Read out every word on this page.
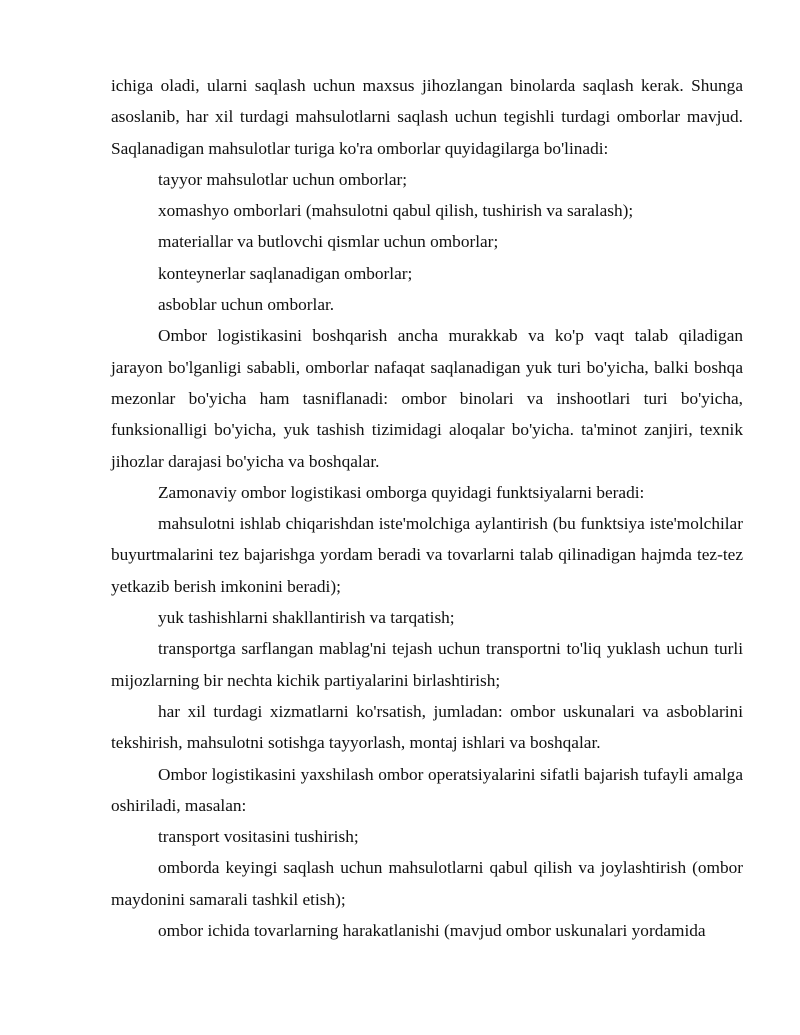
ichiga oladi, ularni saqlash uchun maxsus jihozlangan binolarda saqlash kerak. Shunga asoslanib, har xil turdagi mahsulotlarni saqlash uchun tegishli turdagi omborlar mavjud. Saqlanadigan mahsulotlar turiga ko'ra omborlar quyidagilarga bo'linadi:

tayyor mahsulotlar uchun omborlar;

xomashyo omborlari (mahsulotni qabul qilish, tushirish va saralash);

materiallar va butlovchi qismlar uchun omborlar;

konteynerlar saqlanadigan omborlar;

asboblar uchun omborlar.

Ombor logistikasini boshqarish ancha murakkab va ko'p vaqt talab qiladigan jarayon bo'lganligi sababli, omborlar nafaqat saqlanadigan yuk turi bo'yicha, balki boshqa mezonlar bo'yicha ham tasniflanadi: ombor binolari va inshootlari turi bo'yicha, funksionalligi bo'yicha, yuk tashish tizimidagi aloqalar bo'yicha. ta'minot zanjiri, texnik jihozlar darajasi bo'yicha va boshqalar.

Zamonaviy ombor logistikasi omborga quyidagi funktsiyalarni beradi:

mahsulotni ishlab chiqarishdan iste'molchiga aylantirish (bu funktsiya iste'molchilar buyurtmalarini tez bajarishga yordam beradi va tovarlarni talab qilinadigan hajmda tez-tez yetkazib berish imkonini beradi);

yuk tashishlarni shakllantirish va tarqatish;

transportga sarflangan mablag'ni tejash uchun transportni to'liq yuklash uchun turli mijozlarning bir nechta kichik partiyalarini birlashtirish;

har xil turdagi xizmatlarni ko'rsatish, jumladan: ombor uskunalari va asboblarini tekshirish, mahsulotni sotishga tayyorlash, montaj ishlari va boshqalar.

Ombor logistikasini yaxshilash ombor operatsiyalarini sifatli bajarish tufayli amalga oshiriladi, masalan:

transport vositasini tushirish;

omborda keyingi saqlash uchun mahsulotlarni qabul qilish va joylashtirish (ombor maydonini samarali tashkil etish);

ombor ichida tovarlarning harakatlanishi (mavjud ombor uskunalari yordamida
